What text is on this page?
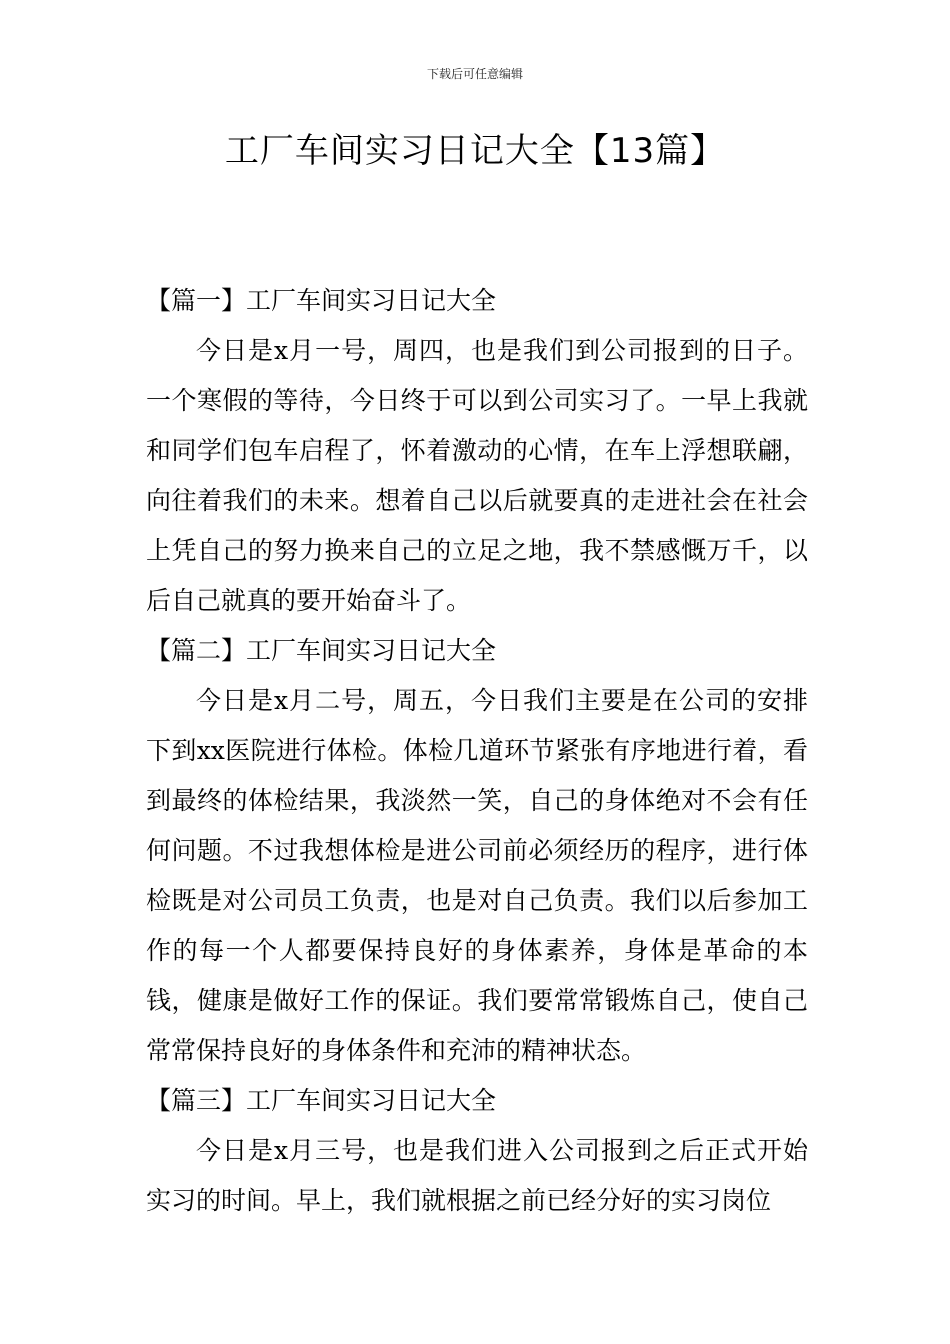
下载后可任意编辑
工厂车间实习日记大全【13篇】
【篇一】工厂车间实习日记大全

今日是x月一号，周四，也是我们到公司报到的日子。一个寒假的等待，今日终于可以到公司实习了。一早上我就和同学们包车启程了，怀着激动的心情，在车上浮想联翩，向往着我们的未来。想着自己以后就要真的走进社会在社会上凭自己的努力换来自己的立足之地，我不禁感慨万千，以后自己就真的要开始奋斗了。

【篇二】工厂车间实习日记大全

今日是x月二号，周五，今日我们主要是在公司的安排下到xx医院进行体检。体检几道环节紧张有序地进行着，看到最终的体检结果，我淡然一笑，自己的身体绝对不会有任何问题。不过我想体检是进公司前必须经历的程序，进行体检既是对公司员工负责，也是对自己负责。我们以后参加工作的每一个人都要保持良好的身体素养，身体是革命的本钱，健康是做好工作的保证。我们要常常锻炼自己，使自己常常保持良好的身体条件和充沛的精神状态。

【篇三】工厂车间实习日记大全

今日是x月三号，也是我们进入公司报到之后正式开始实习的时间。早上，我们就根据之前已经分好的实习岗位
